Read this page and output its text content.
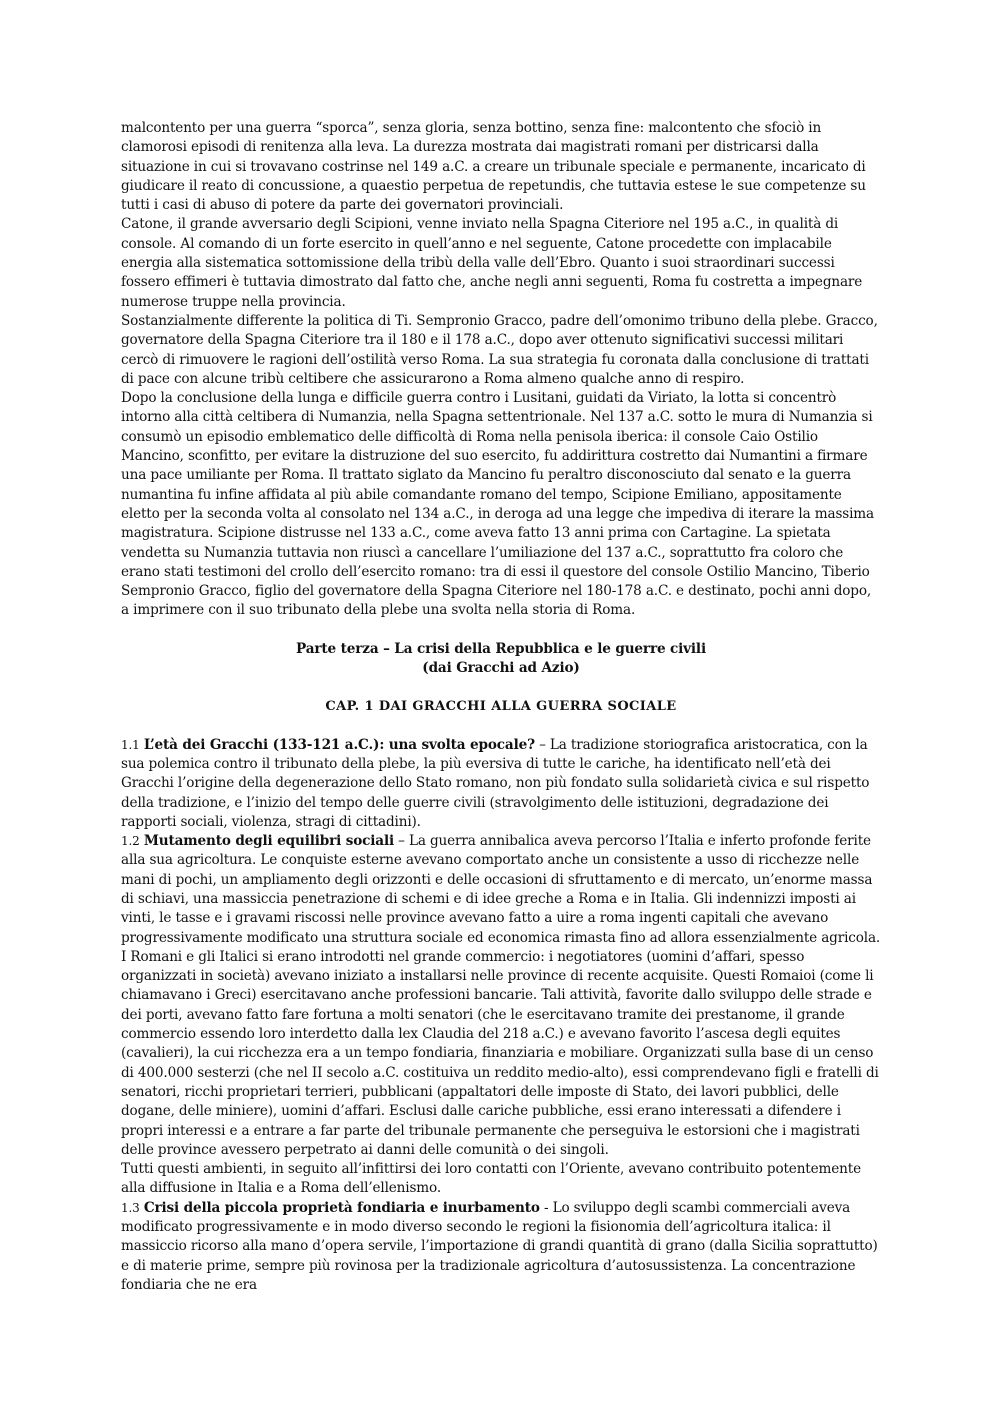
malcontento per una guerra “sporca”, senza gloria, senza bottino, senza fine: malcontento che sfociò in clamorosi episodi di renitenza alla leva. La durezza mostrata dai magistrati romani per districarsi dalla situazione in cui si trovavano costrinse nel 149 a.C. a creare un tribunale speciale e permanente, incaricato di giudicare il reato di concussione, a quaestio perpetua de repetundis, che tuttavia estese le sue competenze su tutti i casi di abuso di potere da parte dei governatori provinciali.

Catone, il grande avversario degli Scipioni, venne inviato nella Spagna Citeriore nel 195 a.C., in qualità di console. Al comando di un forte esercito in quell’anno e nel seguente, Catone procedette con implacabile energia alla sistematica sottomissione della tribù della valle dell’Ebro. Quanto i suoi straordinari successi fossero effimeri è tuttavia dimostrato dal fatto che, anche negli anni seguenti, Roma fu costretta a impegnare numerose truppe nella provincia.

Sostanzialmente differente la politica di Ti. Sempronio Gracco, padre dell’omonimo tribuno della plebe. Gracco, governatore della Spagna Citeriore tra il 180 e il 178 a.C., dopo aver ottenuto significativi successi militari cercò di rimuovere le ragioni dell’ostilità verso Roma. La sua strategia fu coronata dalla conclusione di trattati di pace con alcune tribù celtibere che assicurarono a Roma almeno qualche anno di respiro.

Dopo la conclusione della lunga e difficile guerra contro i Lusitani, guidati da Viriato, la lotta si concentrò intorno alla città celtibera di Numanzia, nella Spagna settentrionale. Nel 137 a.C. sotto le mura di Numanzia si consumò un episodio emblematico delle difficoltà di Roma nella penisola iberica: il console Caio Ostilio Mancino, sconfitto, per evitare la distruzione del suo esercito, fu addirittura costretto dai Numantini a firmare una pace umiliante per Roma. Il trattato siglato da Mancino fu peraltro disconosciuto dal senato e la guerra numantina fu infine affidata al più abile comandante romano del tempo, Scipione Emiliano, appositamente eletto per la seconda volta al consolato nel 134 a.C., in deroga ad una legge che impediva di iterare la massima magistratura. Scipione distrusse nel 133 a.C., come aveva fatto 13 anni prima con Cartagine. La spietata vendetta su Numanzia tuttavia non riuscì a cancellare l’umiliazione del 137 a.C., soprattutto fra coloro che erano stati testimoni del crollo dell’esercito romano: tra di essi il questore del console Ostilio Mancino, Tiberio Sempronio Gracco, figlio del governatore della Spagna Citeriore nel 180-178 a.C. e destinato, pochi anni dopo, a imprimere con il suo tribunato della plebe una svolta nella storia di Roma.

Parte terza – La crisi della Repubblica e le guerre civili
(dai Gracchi ad Azio)
CAP. 1 DAI GRACCHI ALLA GUERRA SOCIALE

1.1 L’età dei Gracchi (133-121 a.C.): una svolta epocale? – La tradizione storiografica aristocratica, con la sua polemica contro il tribunato della plebe, la più eversiva di tutte le cariche, ha identificato nell’età dei Gracchi l’origine della degenerazione dello Stato romano, non più fondato sulla solidarietà civica e sul rispetto della tradizione, e l’inizio del tempo delle guerre civili (stravolgimento delle istituzioni, degradazione dei rapporti sociali, violenza, stragi di cittadini).

1.2 Mutamento degli equilibri sociali – La guerra annibalica aveva percorso l’Italia e inferto profonde ferite alla sua agricoltura. Le conquiste esterne avevano comportato anche un consistente a usso di ricchezze nelle mani di pochi, un ampliamento degli orizzonti e delle occasioni di sfruttamento e di mercato, un’enorme massa di schiavi, una massiccia penetrazione di schemi e di idee greche a Roma e in Italia. Gli indennizzi imposti ai vinti, le tasse e i gravami riscossi nelle province avevano fatto a uire a roma ingenti capitali che avevano progressivamente modificato una struttura sociale ed economica rimasta fino ad allora essenzialmente agricola. I Romani e gli Italici si erano introdotti nel grande commercio: i negotiatores (uomini d’affari, spesso organizzati in società) avevano iniziato a installarsi nelle province di recente acquisite. Questi Romaioi (come li chiamavano i Greci) esercitavano anche professioni bancarie. Tali attività, favorite dallo sviluppo delle strade e dei porti, avevano fatto fare fortuna a molti senatori (che le esercitavano tramite dei prestanome, il grande commercio essendo loro interdetto dalla lex Claudia del 218 a.C.) e avevano favorito l’ascesa degli equites (cavalieri), la cui ricchezza era a un tempo fondiaria, finanziaria e mobiliare. Organizzati sulla base di un censo di 400.000 sesterzi (che nel II secolo a.C. costituiva un reddito medio-alto), essi comprendevano figli e fratelli di senatori, ricchi proprietari terrieri, pubblicani (appaltatori delle imposte di Stato, dei lavori pubblici, delle dogane, delle miniere), uomini d’affari. Esclusi dalle cariche pubbliche, essi erano interessati a difendere i propri interessi e a entrare a far parte del tribunale permanente che perseguiva le estorsioni che i magistrati delle province avessero perpetrato ai danni delle comunità o dei singoli.

Tutti questi ambienti, in seguito all’infittirsi dei loro contatti con l’Oriente, avevano contribuito potentemente alla diffusione in Italia e a Roma dell’ellenismo.

1.3 Crisi della piccola proprietà fondiaria e inurbamento - Lo sviluppo degli scambi commerciali aveva modificato progressivamente e in modo diverso secondo le regioni la fisionomia dell’agricoltura italica: il massiccio ricorso alla mano d’opera servile, l’importazione di grandi quantità di grano (dalla Sicilia soprattutto) e di materie prime, sempre più rovinosa per la tradizionale agricoltura d’autosussistenza. La concentrazione fondiaria che ne era
